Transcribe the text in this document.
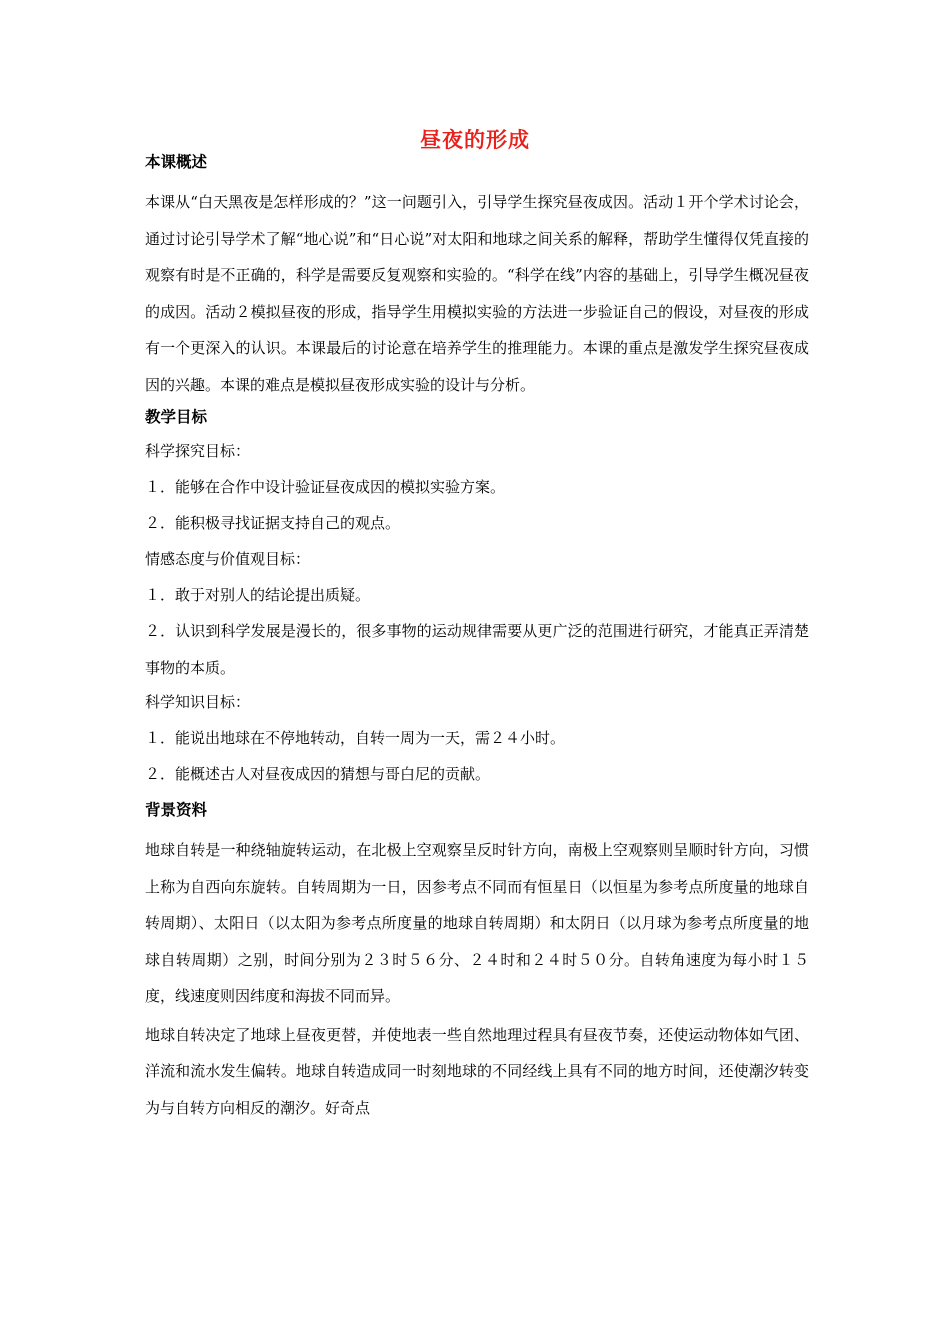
昼夜的形成
本课概述
本课从“白天黑夜是怎样形成的？”这一问题引入，引导学生探究昼夜成因。活动１开个学术讨论会，通过讨论引导学术了解“地心说”和“日心说”对太阳和地球之间关系的解释，帮助学生懂得仅凭直接的观察有时是不正确的，科学是需要反复观察和实验的。“科学在线”内容的基础上，引导学生概况昼夜的成因。活动２模拟昼夜的形成，指导学生用模拟实验的方法进一步验证自己的假设，对昼夜的形成有一个更深入的认识。本课最后的讨论意在培养学生的推理能力。本课的重点是激发学生探究昼夜成因的兴趣。本课的难点是模拟昼夜形成实验的设计与分析。
教学目标
科学探究目标：
１．能够在合作中设计验证昼夜成因的模拟实验方案。
２．能积极寻找证据支持自己的观点。
情感态度与价值观目标：
１．敢于对别人的结论提出质疑。
２．认识到科学发展是漫长的，很多事物的运动规律需要从更广泛的范围进行研究，才能真正弄清楚事物的本质。
科学知识目标：
１．能说出地球在不停地转动，自转一周为一天，需２４小时。
２．能概述古人对昼夜成因的猜想与哥白尼的贡献。
背景资料
地球自转是一种绕轴旋转运动，在北极上空观察呈反时针方向，南极上空观察则呈顺时针方向，习惯上称为自西向东旋转。自转周期为一日，因参考点不同而有恒星日（以恒星为参考点所度量的地球自转周期）、太阳日（以太阳为参考点所度量的地球自转周期）和太阴日（以月球为参考点所度量的地球自转周期）之别，时间分别为２３时５６分、２４时和２４时５０分。自转角速度为每小时１５度，线速度则因纬度和海拔不同而异。
地球自转决定了地球上昼夜更替，并使地表一些自然地理过程具有昼夜节奏，还使运动物体如气团、洋流和流水发生偏转。地球自转造成同一时刻地球的不同经线上具有不同的地方时间，还使潮汐转变为与自转方向相反的潮汐。好奇点
